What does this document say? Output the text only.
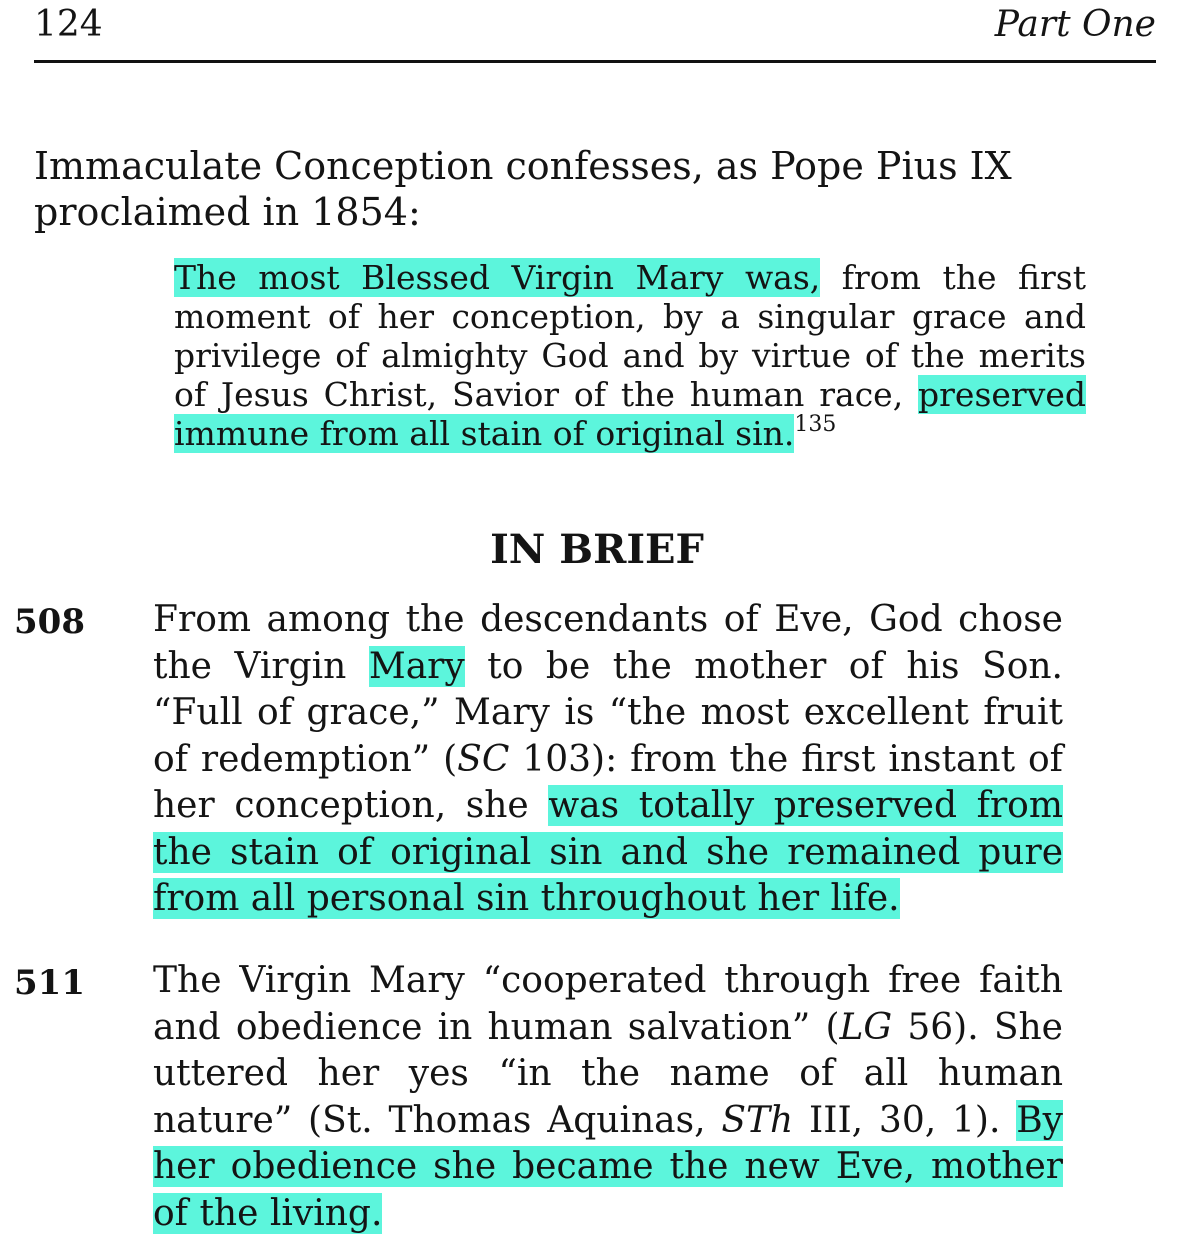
124	Part One
Immaculate Conception confesses, as Pope Pius IX proclaimed in 1854:
The most Blessed Virgin Mary was, from the first moment of her conception, by a singular grace and privilege of almighty God and by virtue of the merits of Jesus Christ, Savior of the human race, preserved immune from all stain of original sin.$^{135}$
IN BRIEF
508 From among the descendants of Eve, God chose the Virgin Mary to be the mother of his Son. “Full of grace,” Mary is “the most excellent fruit of redemption” (SC 103): from the first instant of her conception, she was totally preserved from the stain of original sin and she remained pure from all personal sin throughout her life.
511 The Virgin Mary “cooperated through free faith and obedience in human salvation” (LG 56). She uttered her yes “in the name of all human nature” (St. Thomas Aquinas, STh III, 30, 1). By her obedience she became the new Eve, mother of the living.
